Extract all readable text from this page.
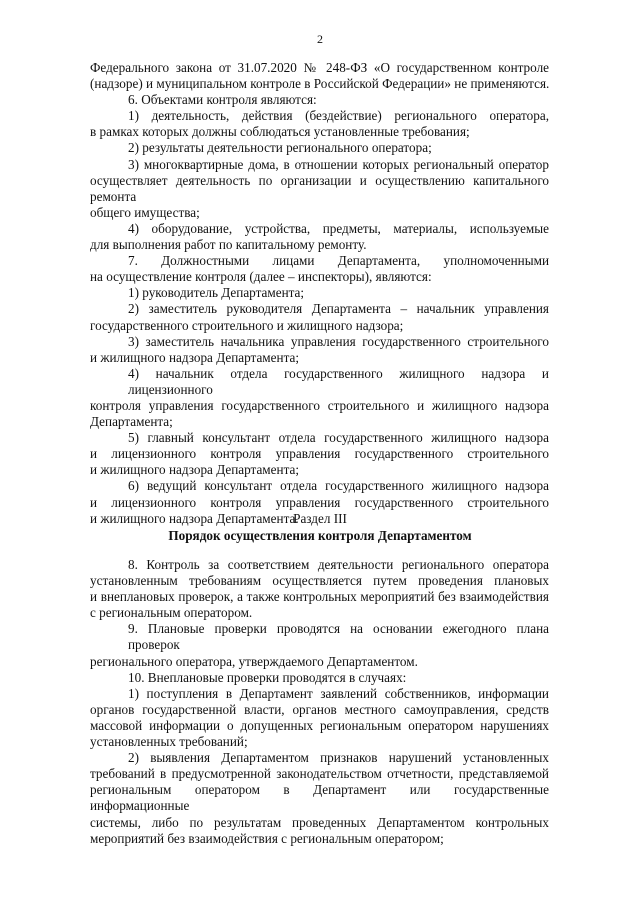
2
Федерального закона от 31.07.2020 № 248-ФЗ «О государственном контроле
(надзоре) и муниципальном контроле в Российской Федерации» не применяются.
6. Объектами контроля являются:
1) деятельность, действия (бездействие) регионального оператора,
в рамках которых должны соблюдаться установленные требования;
2) результаты деятельности регионального оператора;
3) многоквартирные дома, в отношении которых региональный оператор
осуществляет деятельность по организации и осуществлению капитального ремонта
общего имущества;
4) оборудование, устройства, предметы, материалы, используемые
для выполнения работ по капитальному ремонту.
7. Должностными лицами Департамента, уполномоченными
на осуществление контроля (далее – инспекторы), являются:
1) руководитель Департамента;
2) заместитель руководителя Департамента – начальник управления
государственного строительного и жилищного надзора;
3) заместитель начальника управления государственного строительного
и жилищного надзора Департамента;
4) начальник отдела государственного жилищного надзора и лицензионного
контроля управления государственного строительного и жилищного надзора
Департамента;
5) главный консультант отдела государственного жилищного надзора
и лицензионного контроля управления государственного строительного
и жилищного надзора Департамента;
6) ведущий консультант отдела государственного жилищного надзора
и лицензионного контроля управления государственного строительного
и жилищного надзора Департамента.
Раздел III
Порядок осуществления контроля Департаментом
8. Контроль за соответствием деятельности регионального оператора
установленным требованиям осуществляется путем проведения плановых
и внеплановых проверок, а также контрольных мероприятий без взаимодействия
с региональным оператором.
9. Плановые проверки проводятся на основании ежегодного плана проверок
регионального оператора, утверждаемого Департаментом.
10. Внеплановые проверки проводятся в случаях:
1) поступления в Департамент заявлений собственников, информации
органов государственной власти, органов местного самоуправления, средств
массовой информации о допущенных региональным оператором нарушениях
установленных требований;
2) выявления Департаментом признаков нарушений установленных
требований в предусмотренной законодательством отчетности, представляемой
региональным оператором в Департамент или государственные информационные
системы, либо по результатам проведенных Департаментом контрольных
мероприятий без взаимодействия с региональным оператором;
